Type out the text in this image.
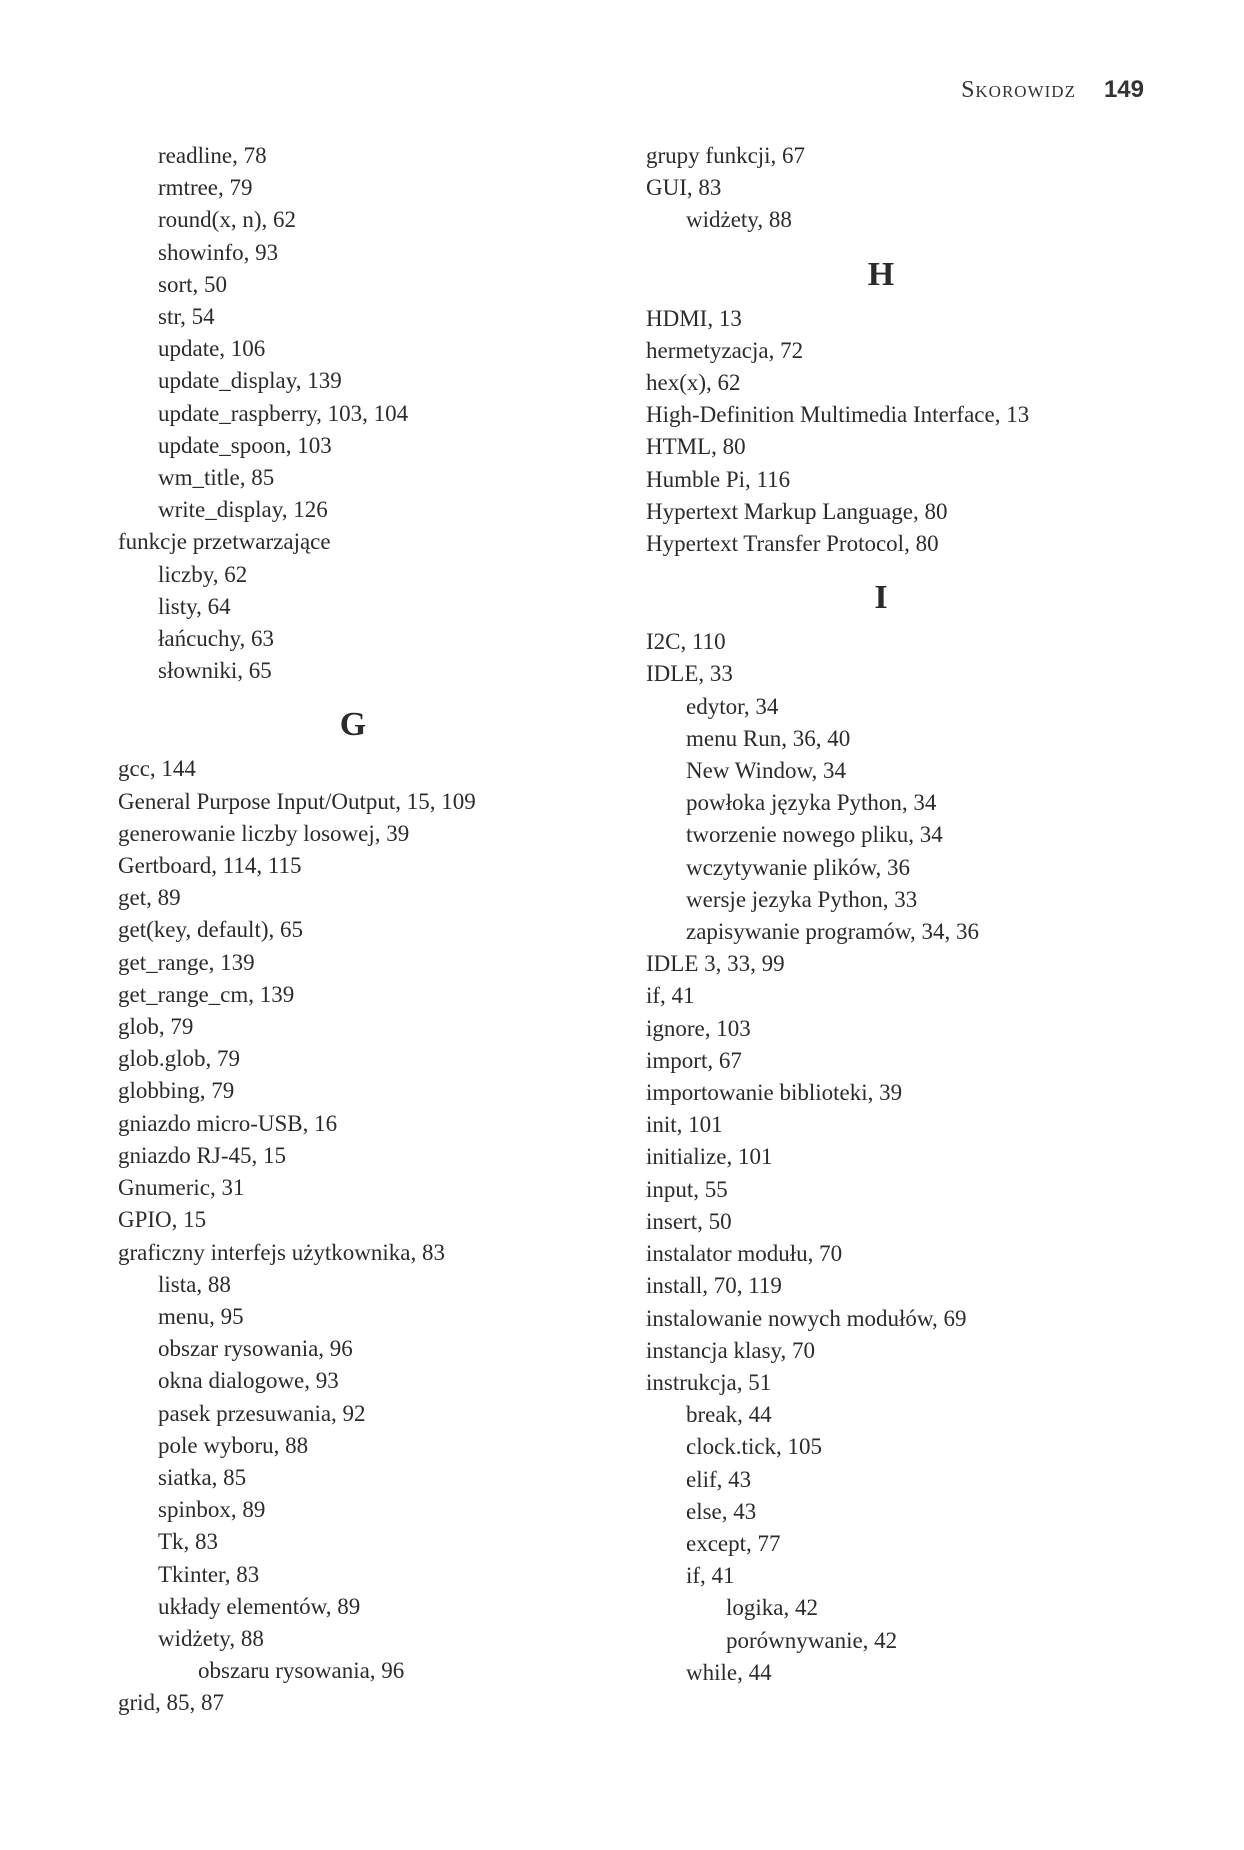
Skorowidz 149
readline, 78
rmtree, 79
round(x, n), 62
showinfo, 93
sort, 50
str, 54
update, 106
update_display, 139
update_raspberry, 103, 104
update_spoon, 103
wm_title, 85
write_display, 126
funkcje przetwarzające
liczby, 62
listy, 64
łańcuchy, 63
słowniki, 65
G
gcc, 144
General Purpose Input/Output, 15, 109
generowanie liczby losowej, 39
Gertboard, 114, 115
get, 89
get(key, default), 65
get_range, 139
get_range_cm, 139
glob, 79
glob.glob, 79
globbing, 79
gniazdo micro-USB, 16
gniazdo RJ-45, 15
Gnumeric, 31
GPIO, 15
graficzny interfejs użytkownika, 83
lista, 88
menu, 95
obszar rysowania, 96
okna dialogowe, 93
pasek przesuwania, 92
pole wyboru, 88
siatka, 85
spinbox, 89
Tk, 83
Tkinter, 83
układy elementów, 89
widżety, 88
obszaru rysowania, 96
grid, 85, 87
grupy funkcji, 67
GUI, 83
widżety, 88
H
HDMI, 13
hermetyzacja, 72
hex(x), 62
High-Definition Multimedia Interface, 13
HTML, 80
Humble Pi, 116
Hypertext Markup Language, 80
Hypertext Transfer Protocol, 80
I
I2C, 110
IDLE, 33
edytor, 34
menu Run, 36, 40
New Window, 34
powłoka języka Python, 34
tworzenie nowego pliku, 34
wczytywanie plików, 36
wersje jezyka Python, 33
zapisywanie programów, 34, 36
IDLE 3, 33, 99
if, 41
ignore, 103
import, 67
importowanie biblioteki, 39
init, 101
initialize, 101
input, 55
insert, 50
instalator modułu, 70
install, 70, 119
instalowanie nowych modułów, 69
instancja klasy, 70
instrukcja, 51
break, 44
clock.tick, 105
elif, 43
else, 43
except, 77
if, 41
logika, 42
porównywanie, 42
while, 44
